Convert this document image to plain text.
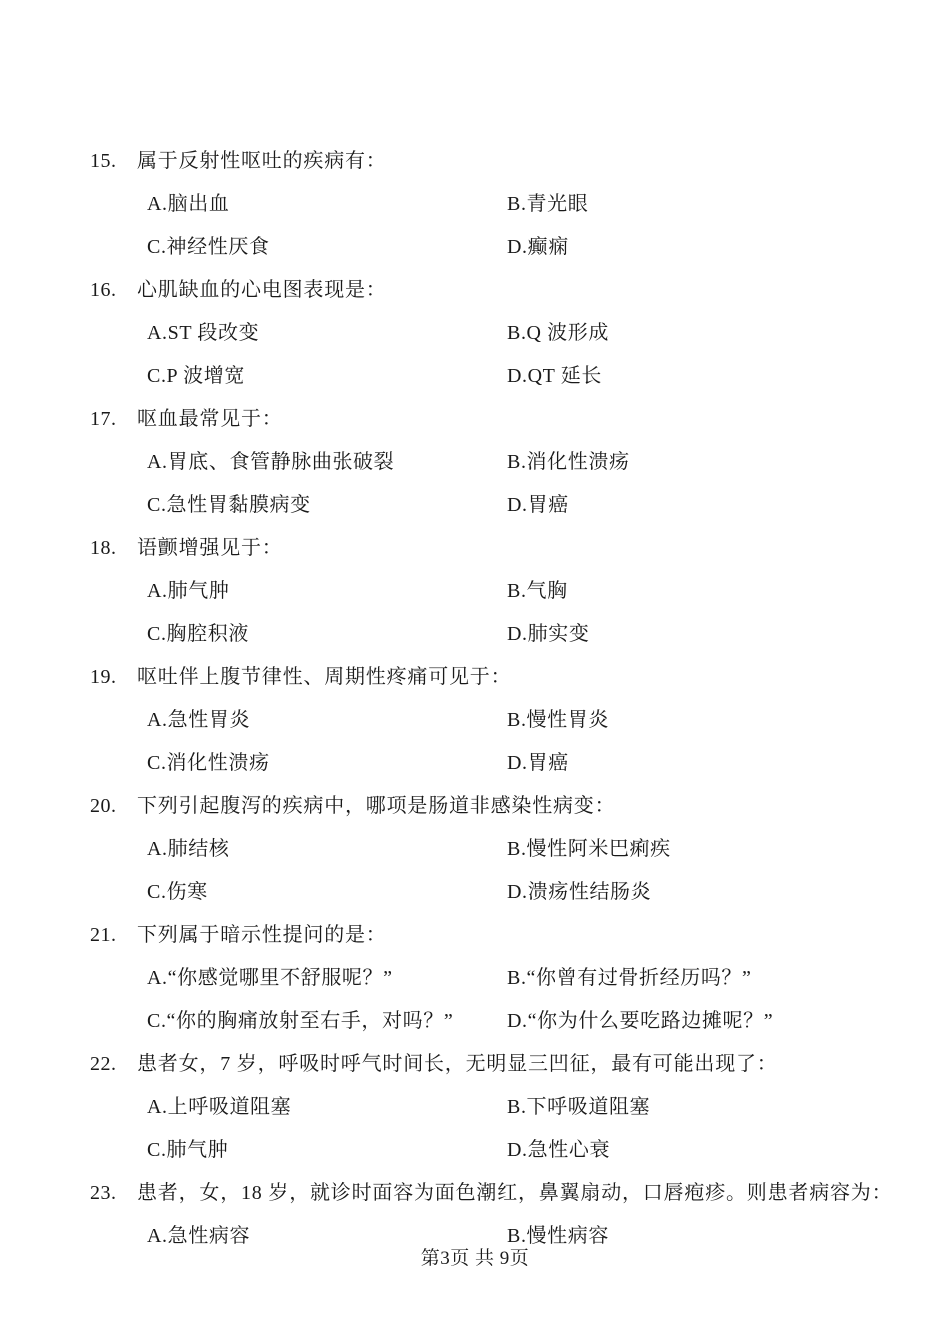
15.	属于反射性呕吐的疾病有：
A.脑出血	B.青光眼
C.神经性厌食	D.癫痫
16.	心肌缺血的心电图表现是：
A.ST 段改变	B.Q 波形成
C.P 波增宽	D.QT 延长
17.	呕血最常见于：
A.胃底、食管静脉曲张破裂	B.消化性溃疡
C.急性胃黏膜病变	D.胃癌
18.	语颤增强见于：
A.肺气肿	B.气胸
C.胸腔积液	D.肺实变
19.	呕吐伴上腹节律性、周期性疼痛可见于：
A.急性胃炎	B.慢性胃炎
C.消化性溃疡	D.胃癌
20.	下列引起腹泻的疾病中，哪项是肠道非感染性病变：
A.肺结核	B.慢性阿米巴痢疾
C.伤寒	D.溃疡性结肠炎
21.	下列属于暗示性提问的是：
A.“你感觉哪里不舒服呢？”	B.“你曾有过骨折经历吗？”
C.“你的胸痛放射至右手，对吗？”	D.“你为什么要吃路边摊呢？”
22.	患者女，7 岁，呼吸时呼气时间长，无明显三凹征，最有可能出现了：
A.上呼吸道阻塞	B.下呼吸道阻塞
C.肺气肿	D.急性心衰
23.	患者，女，18 岁，就诊时面容为面色潮红，鼻翼扇动，口唇疱疹。则患者病容为：
A.急性病容	B.慢性病容
第3页 共 9页
